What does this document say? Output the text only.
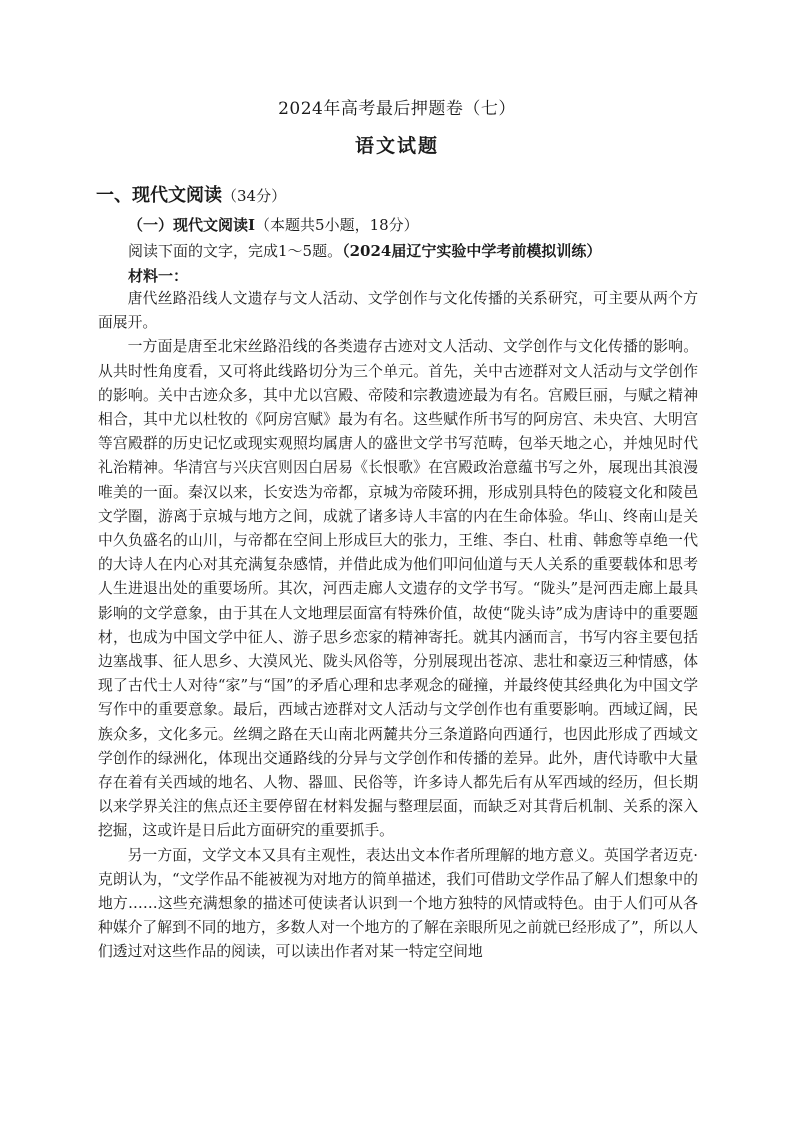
2024年高考最后押题卷（七）
语文试题
一、现代文阅读（34分）
（一）现代文阅读Ⅰ（本题共5小题，18分）
阅读下面的文字，完成1～5题。（2024届辽宁实验中学考前模拟训练）
材料一：

唐代丝路沿线人文遗存与文人活动、文学创作与文化传播的关系研究，可主要从两个方面展开。

一方面是唐至北宋丝路沿线的各类遗存古迹对文人活动、文学创作与文化传播的影响。从共时性角度看，又可将此线路切分为三个单元。首先，关中古迹群对文人活动与文学创作的影响。关中古迹众多，其中尤以宫殿、帝陵和宗教遗迹最为有名。宫殿巨丽，与赋之精神相合，其中尤以杜牧的《阿房宫赋》最为有名。这些赋作所书写的阿房宫、未央宫、大明宫等宫殿群的历史记忆或现实观照均属唐人的盛世文学书写范畴，包举天地之心，并烛见时代礼治精神。华清宫与兴庆宫则因白居易《长恨歌》在宫殿政治意蕴书写之外，展现出其浪漫唯美的一面。秦汉以来，长安迭为帝都，京城为帝陵环拥，形成别具特色的陵寝文化和陵邑文学圈，游离于京城与地方之间，成就了诸多诗人丰富的内在生命体验。华山、终南山是关中久负盛名的山川，与帝都在空间上形成巨大的张力，王维、李白、杜甫、韩愈等卓绝一代的大诗人在内心对其充满复杂感情，并借此成为他们叩问仙道与天人关系的重要载体和思考人生进退出处的重要场所。其次，河西走廊人文遗存的文学书写。“陇头”是河西走廊上最具影响的文学意象，由于其在人文地理层面富有特殊价值，故使“陇头诗”成为唐诗中的重要题材，也成为中国文学中征人、游子思乡恋家的精神寄托。就其内涵而言，书写内容主要包括边塞战事、征人思乡、大漠风光、陇头风俗等，分别展现出苍凉、悲壮和豪迈三种情感，体现了古代士人对待“家”与“国”的矛盾心理和忠孝观念的碰撞，并最终使其经典化为中国文学写作中的重要意象。最后，西域古迹群对文人活动与文学创作也有重要影响。西域辽阔，民族众多，文化多元。丝绸之路在天山南北两麓共分三条道路向西通行，也因此形成了西域文学创作的绿洲化，体现出交通路线的分异与文学创作和传播的差异。此外，唐代诗歌中大量存在着有关西域的地名、人物、器皿、民俗等，许多诗人都先后有从军西域的经历，但长期以来学界关注的焦点还主要停留在材料发掘与整理层面，而缺乏对其背后机制、关系的深入挖掘，这或许是日后此方面研究的重要抓手。

另一方面，文学文本又具有主观性，表达出文本作者所理解的地方意义。英国学者迈克·克朗认为，“文学作品不能被视为对地方的简单描述，我们可借助文学作品了解人们想象中的地方……这些充满想象的描述可使读者认识到一个地方独特的风情或特色。由于人们可从各种媒介了解到不同的地方，多数人对一个地方的了解在亲眼所见之前就已经形成了”，所以人们透过对这些作品的阅读，可以读出作者对某一特定空间地
